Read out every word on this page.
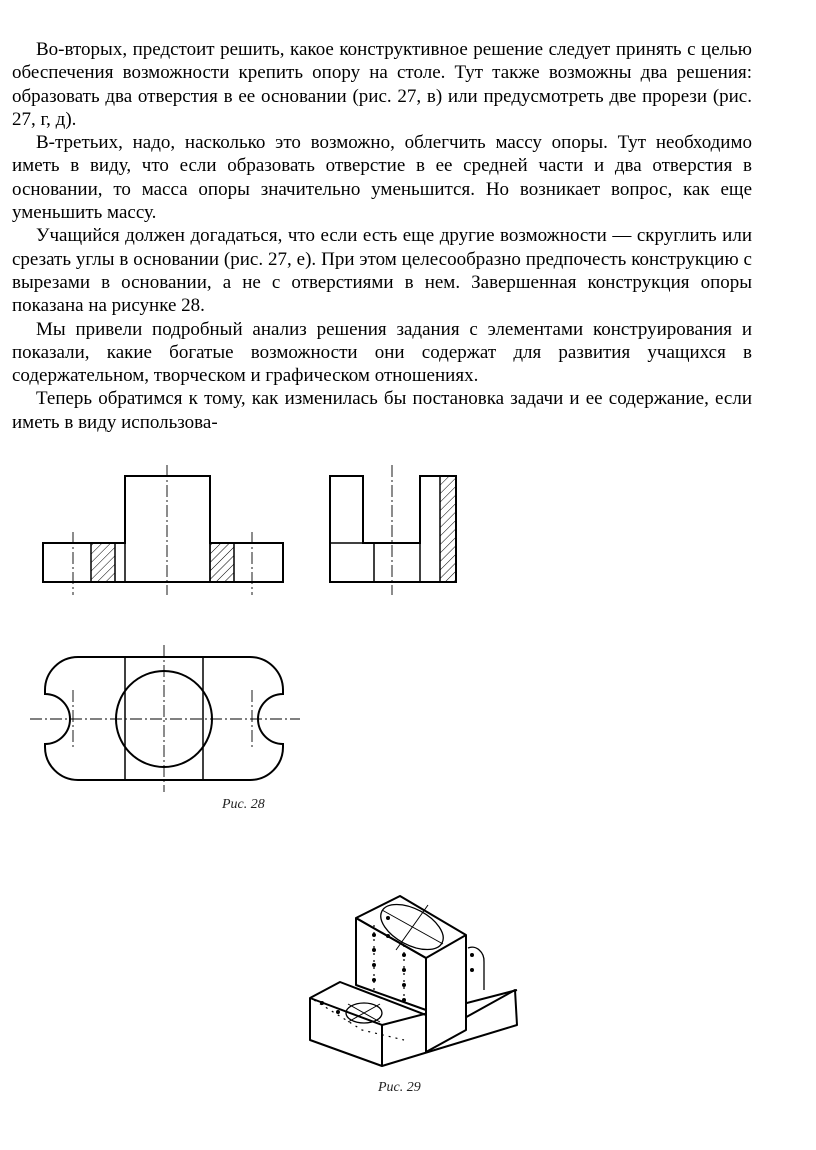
Во-вторых, предстоит решить, какое конструктивное решение следует принять с целью обеспечения возможности крепить опору на столе. Тут также возможны два решения: образовать два отверстия в ее основании (рис. 27, в) или предусмотреть две прорези (рис. 27, г, д).

В-третьих, надо, насколько это возможно, облегчить массу опоры. Тут необходимо иметь в виду, что если образовать отверстие в ее средней части и два отверстия в основании, то масса опоры значительно уменьшится. Но возникает вопрос, как еще уменьшить массу.

Учащийся должен догадаться, что если есть еще другие возможности — скруглить или срезать углы в основании (рис. 27, е). При этом целесообразно предпочесть конструкцию с вырезами в основании, а не с отверстиями в нем. Завершенная конструкция опоры показана на рисунке 28.

Мы привели подробный анализ решения задания с элементами конструирования и показали, какие богатые возможности они содержат для развития учащихся в содержательном, творческом и графическом отношениях.

Теперь обратимся к тому, как изменилась бы постановка задачи и ее содержание, если иметь в виду использова-

Рис. 28
Рис. 29
